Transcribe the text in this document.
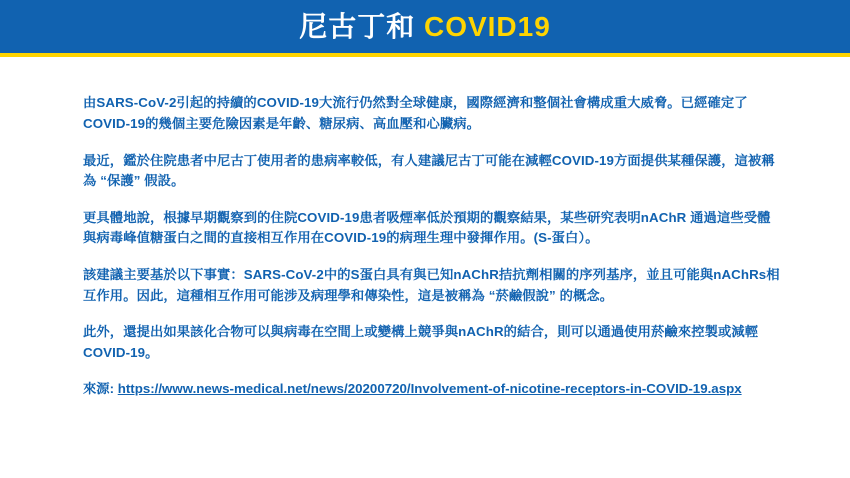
尼古丁和 COVID19

由SARS-CoV-2引起的持續的COVID-19大流行仍然對全球健康，國際經濟和整個社會構成重大威脅。已經確定了COVID-19的幾個主要危險因素是年齡、糖尿病、高血壓和心臟病。

最近，鑑於住院患者中尼古丁使用者的患病率較低，有人建議尼古丁可能在減輕COVID-19方面提供某種保護，這被稱為 “保護” 假設。

更具體地說，根據早期觀察到的住院COVID-19患者吸煙率低於預期的觀察結果，某些研究表明nAChR 通過這些受體與病毒峰值糖蛋白之間的直接相互作用在COVID-19的病理生理中發揮作用。(S-蛋白）。

該建議主要基於以下事實：SARS-CoV-2中的S蛋白具有與已知nAChR拮抗劑相關的序列基序，並且可能與nAChRs相互作用。因此，這種相互作用可能涉及病理學和傳染性，這是被稱為 “菸鹼假說” 的概念。

此外，還提出如果該化合物可以與病毒在空間上或變構上競爭與nAChR的結合，則可以通過使用菸鹼來控製或減輕COVID-19。

來源: https://www.news-medical.net/news/20200720/Involvement-of-nicotine-receptors-in-COVID-19.aspx
